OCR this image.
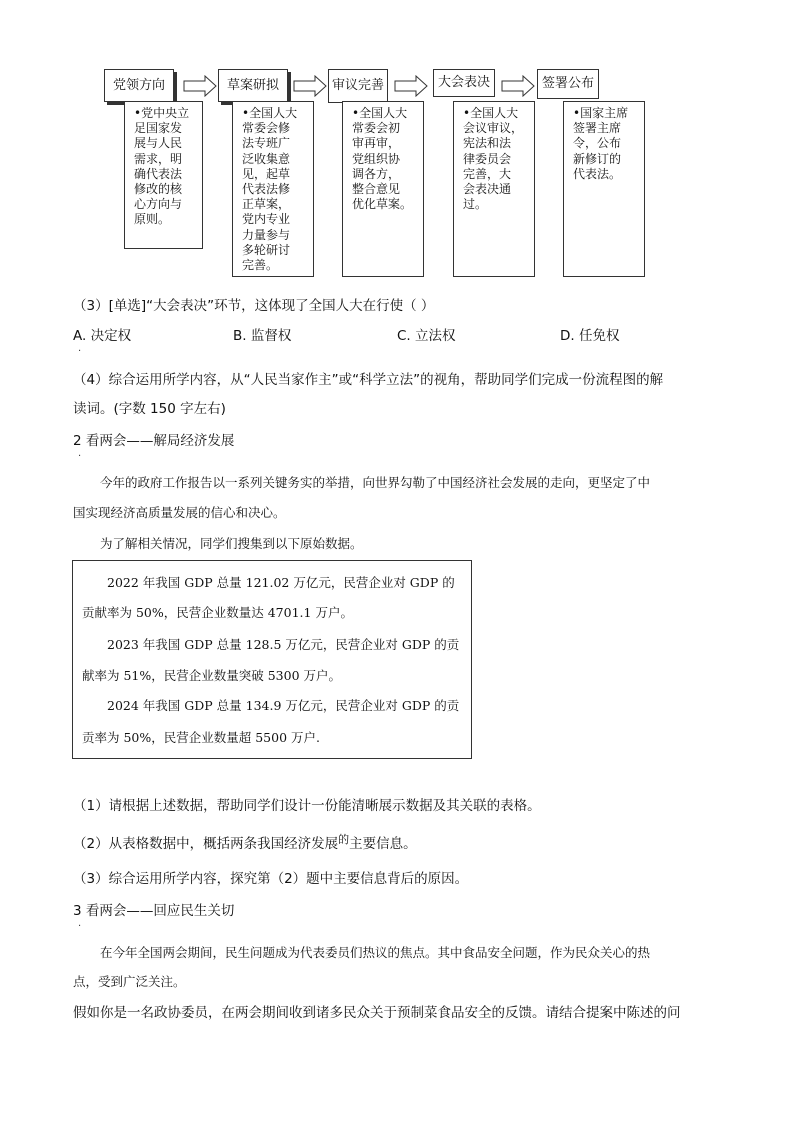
党领方向
•党中央立
足国家发
展与人民
需求，明
确代表法
修改的核
心方向与
原则。
草案研拟
•全国人大
常委会修
法专班广
泛收集意
见，起草
代表法修
正草案，
党内专业
力量参与
多轮研讨
完善。
审议完善
•全国人大
常委会初
审再审，
党组织协
调各方，
整合意见
优化草案。
大会表决
•全国人大
会议审议，
宪法和法
律委员会
完善，大
会表决通
过。
签署公布
•国家主席
签署主席
令，公布
新修订的
代表法。
（3）[单选]“大会表决”环节，这体现了全国人大在行使（ ）
A. 决定权	B. 监督权	C. 立法权	D. 任免权
.
（4）综合运用所学内容，从“人民当家作主”或“科学立法”的视角，帮助同学们完成一份流程图的解
读词。(字数 150 字左右)
2 看两会——解局经济发展
.
今年的政府工作报告以一系列关键务实的举措，向世界勾勒了中国经济社会发展的走向，更坚定了中
国实现经济高质量发展的信心和决心。
为了解相关情况，同学们搜集到以下原始数据。
2022 年我国 GDP 总量 121.02 万亿元，民营企业对 GDP 的
贡献率为 50%，民营企业数量达 4701.1 万户。
2023 年我国 GDP 总量 128.5 万亿元，民营企业对 GDP 的贡
献率为 51%，民营企业数量突破 5300 万户。
2024 年我国 GDP 总量 134.9 万亿元，民营企业对 GDP 的贡
贡率为 50%，民营企业数量超 5500 万户.
（1）请根据上述数据，帮助同学们设计一份能清晰展示数据及其关联的表格。
（2）从表格数据中，概括两条我国经济发展$^的$主要信息。
（3）综合运用所学内容，探究第（2）题中主要信息背后的原因。
3 看两会——回应民生关切
.
在今年全国两会期间，民生问题成为代表委员们热议的焦点。其中食品安全问题，作为民众关心的热
点，受到广泛关注。
假如你是一名政协委员，在两会期间收到诸多民众关于预制菜食品安全的反馈。请结合提案中陈述的问
